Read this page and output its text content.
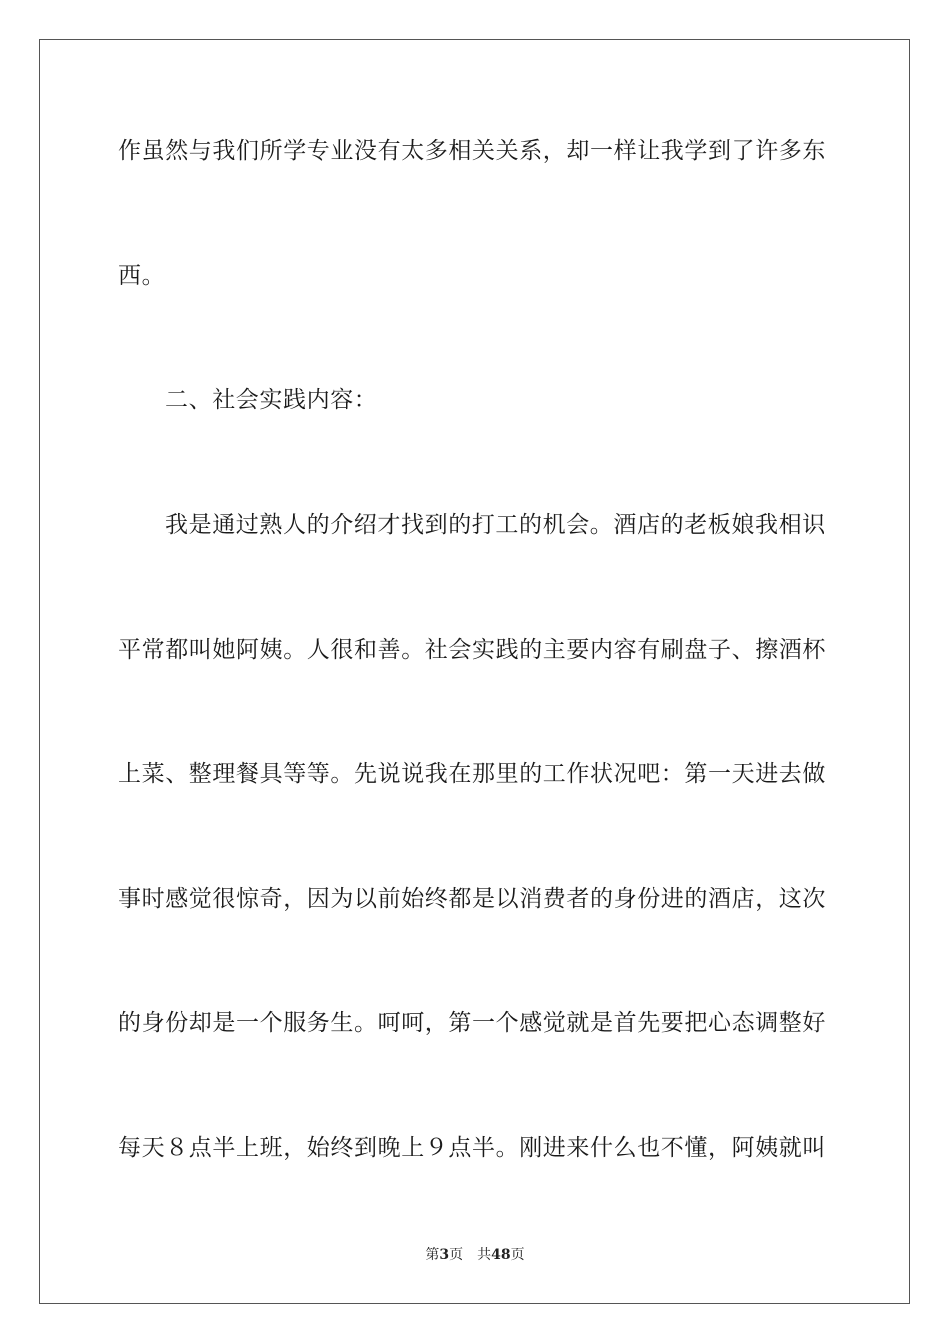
作虽然与我们所学专业没有太多相关关系，却一样让我学到了许多东
西。
二、社会实践内容：
我是通过熟人的介绍才找到的打工的机会。酒店的老板娘我相识
平常都叫她阿姨。人很和善。社会实践的主要内容有刷盘子、擦酒杯
上菜、整理餐具等等。先说说我在那里的工作状况吧：第一天进去做
事时感觉很惊奇，因为以前始终都是以消费者的身份进的酒店，这次
的身份却是一个服务生。呵呵，第一个感觉就是首先要把心态调整好
每天８点半上班，始终到晚上９点半。刚进来什么也不懂，阿姨就叫
第3页 共48页
